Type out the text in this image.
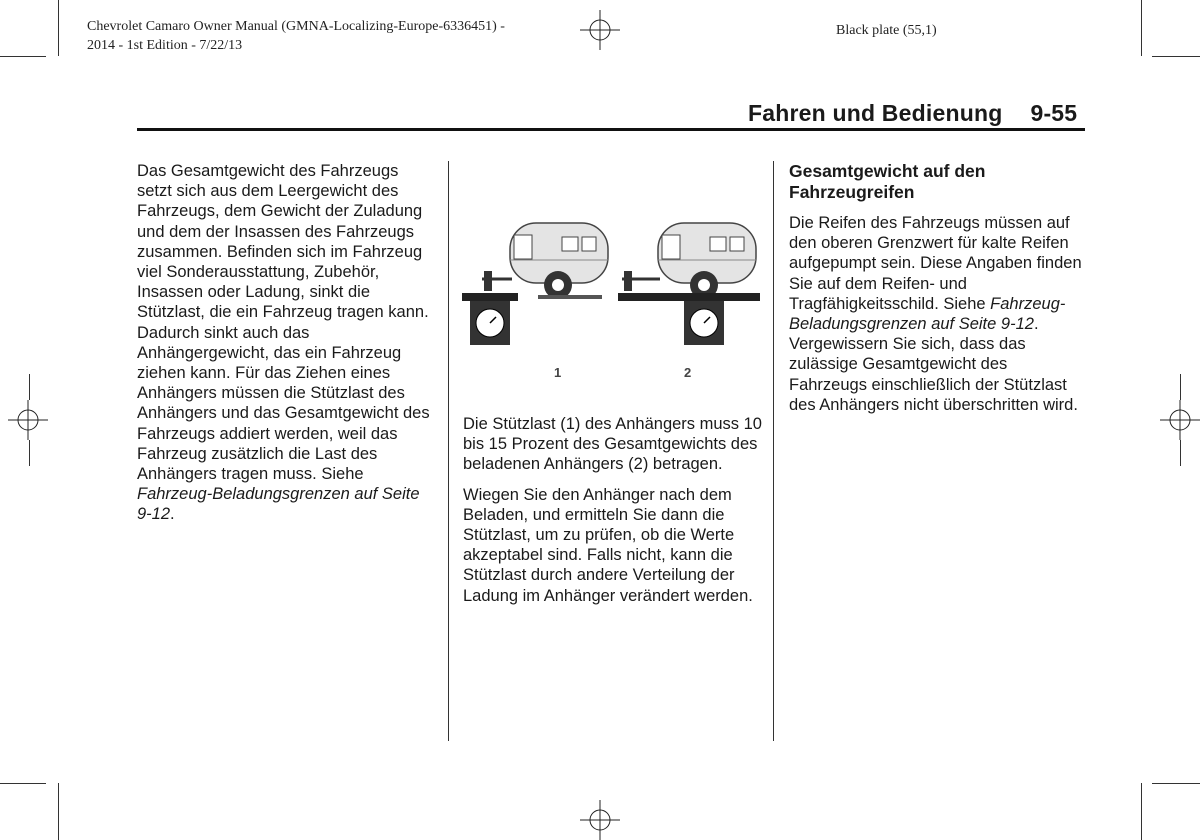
Chevrolet Camaro Owner Manual (GMNA-Localizing-Europe-6336451) -
2014 - 1st Edition - 7/22/13
Black plate (55,1)
Fahren und Bedienung 9-55

Das Gesamtgewicht des Fahrzeugs setzt sich aus dem Leergewicht des Fahrzeugs, dem Gewicht der Zuladung und dem der Insassen des Fahrzeugs zusammen. Befinden sich im Fahrzeug viel Sonderausstattung, Zubehör, Insassen oder Ladung, sinkt die Stützlast, die ein Fahrzeug tragen kann. Dadurch sinkt auch das Anhängergewicht, das ein Fahrzeug ziehen kann. Für das Ziehen eines Anhängers müssen die Stützlast des Anhängers und das Gesamtgewicht des Fahrzeugs addiert werden, weil das Fahrzeug zusätzlich die Last des Anhängers tragen muss. Siehe Fahrzeug-Beladungsgrenzen auf Seite 9-12.

1	2

Die Stützlast (1) des Anhängers muss 10 bis 15 Prozent des Gesamtgewichts des beladenen Anhängers (2) betragen.

Wiegen Sie den Anhänger nach dem Beladen, und ermitteln Sie dann die Stützlast, um zu prüfen, ob die Werte akzeptabel sind. Falls nicht, kann die Stützlast durch andere Verteilung der Ladung im Anhänger verändert werden.

Gesamtgewicht auf den Fahrzeugreifen

Die Reifen des Fahrzeugs müssen auf den oberen Grenzwert für kalte Reifen aufgepumpt sein. Diese Angaben finden Sie auf dem Reifen- und Tragfähigkeitsschild. Siehe Fahrzeug-Beladungsgrenzen auf Seite 9-12. Vergewissern Sie sich, dass das zulässige Gesamtgewicht des Fahrzeugs einschließlich der Stützlast des Anhängers nicht überschritten wird.
